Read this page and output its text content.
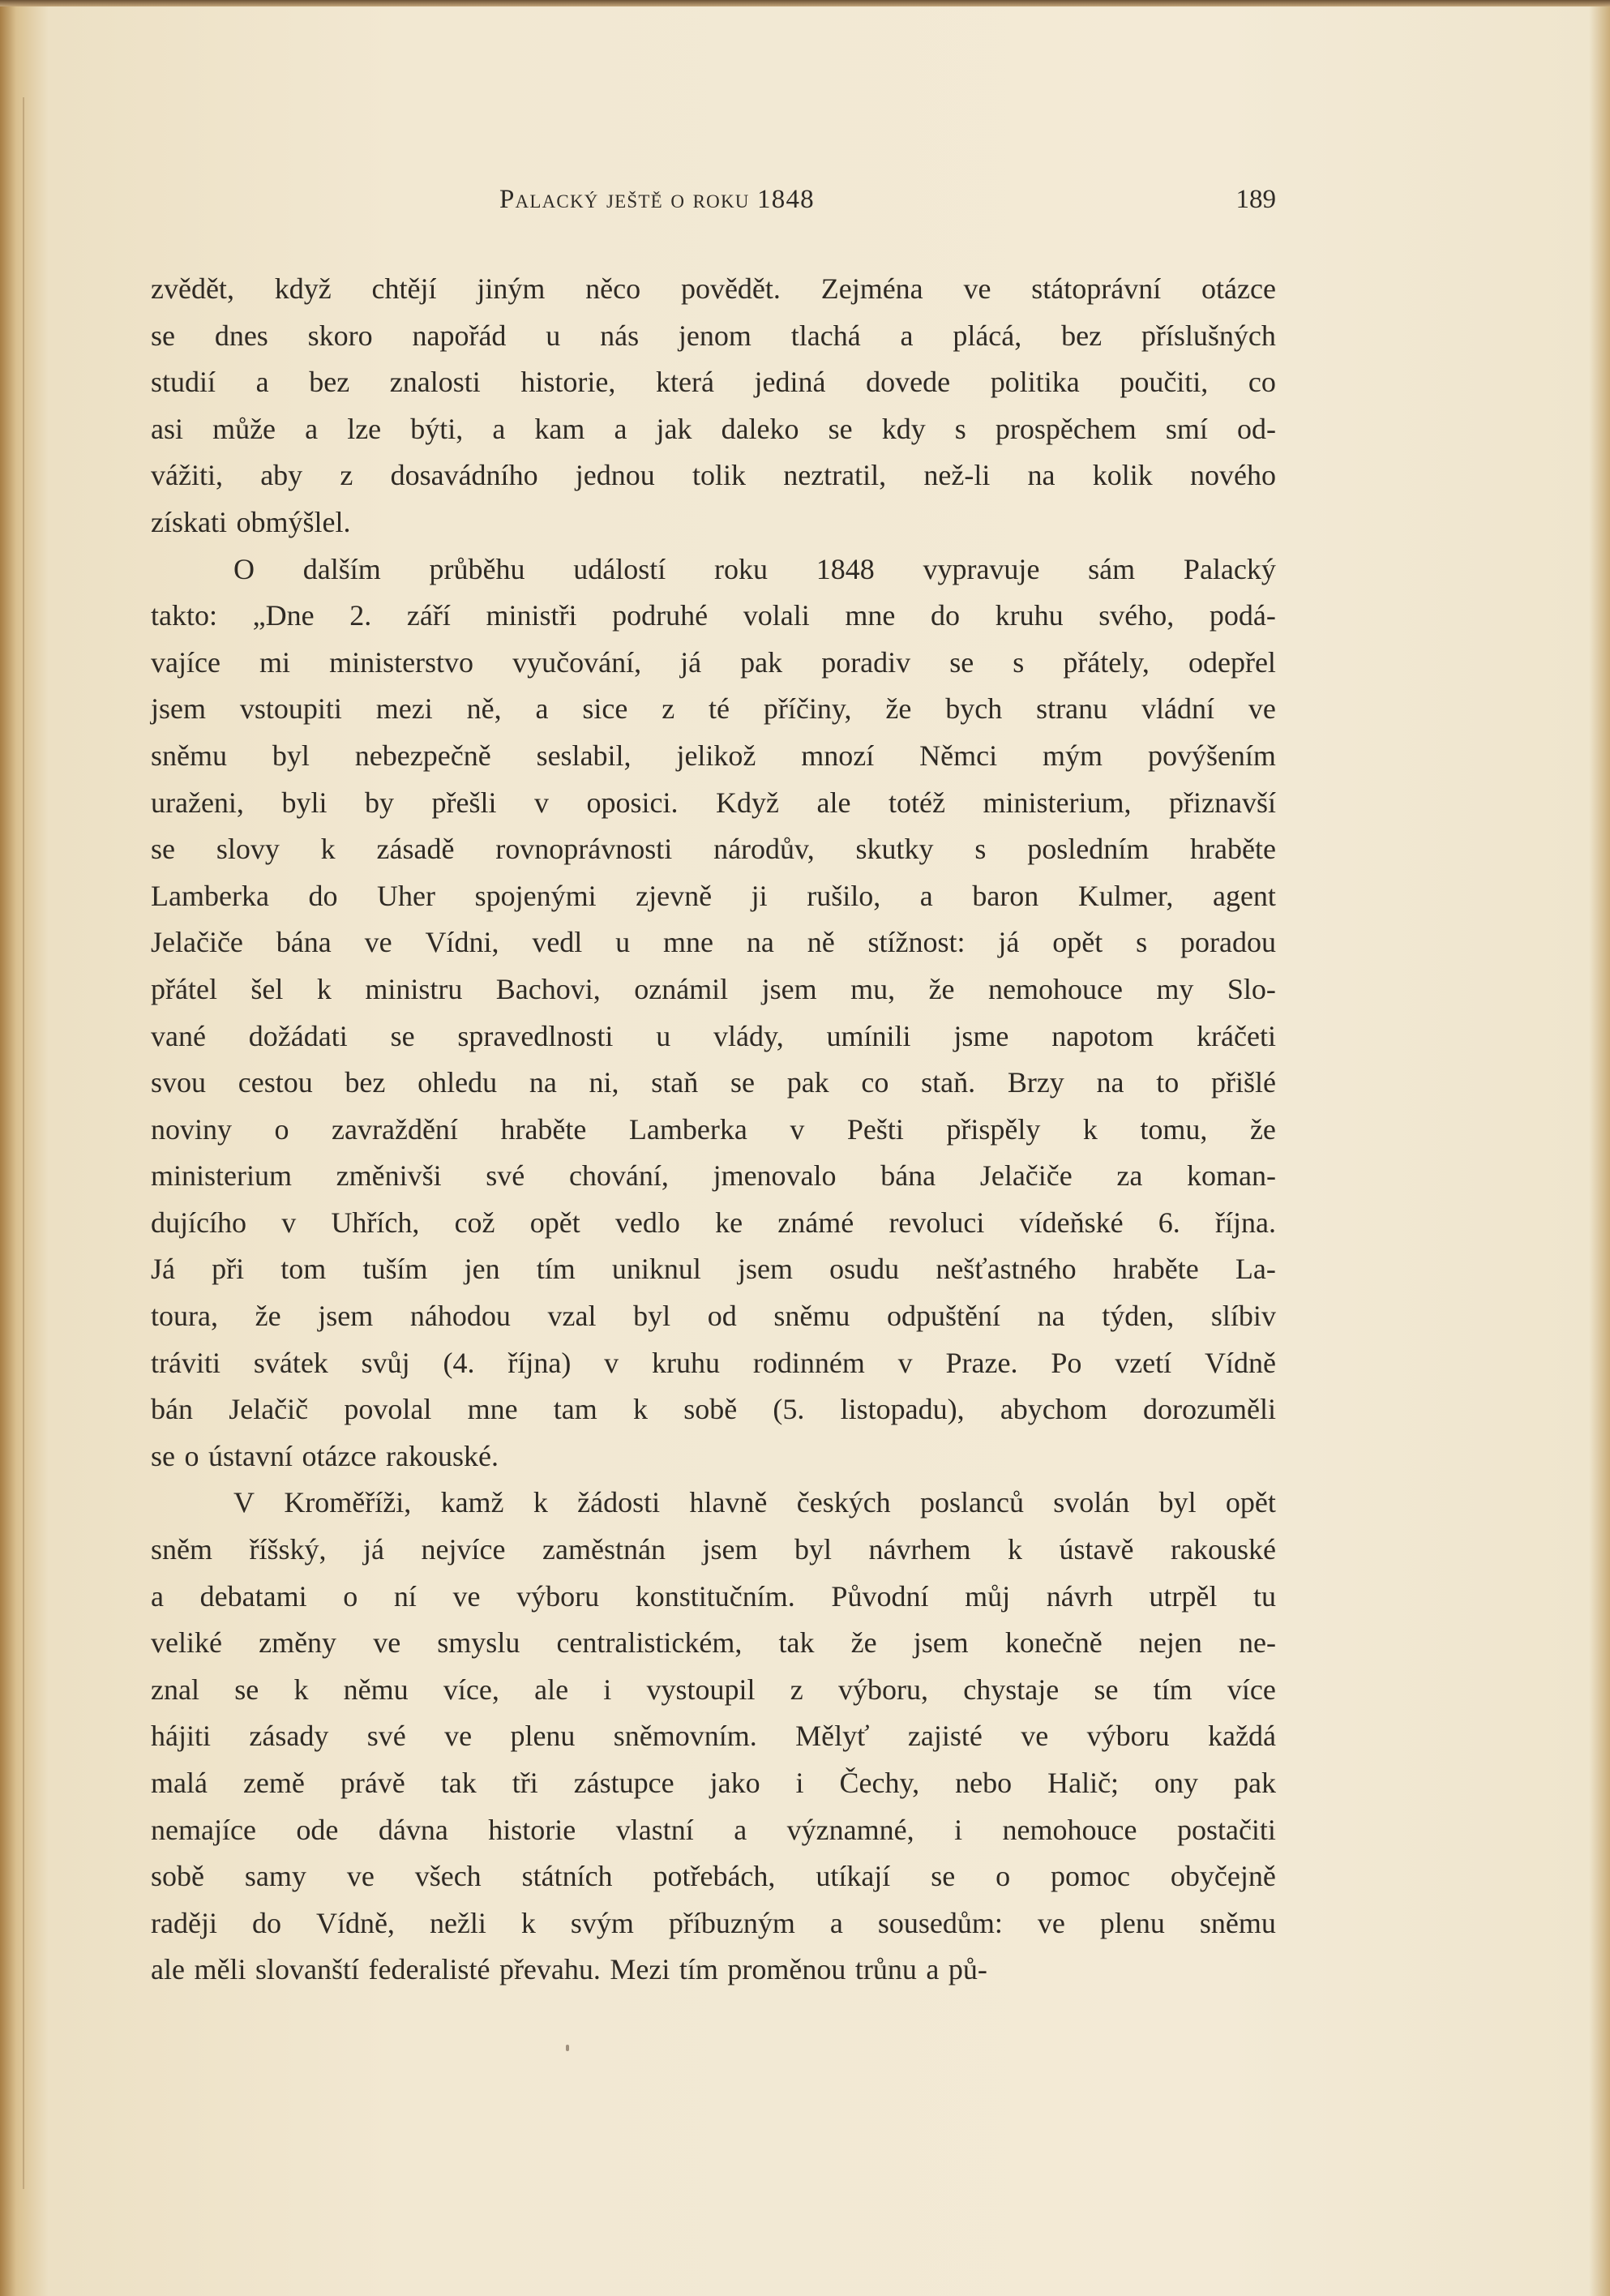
Palacký ještě o roku 1848	189
zvědět, když chtějí jiným něco povědět. Zejména ve státoprávní otázce
se dnes skoro napořád u nás jenom tlachá a plácá, bez příslušných
studií a bez znalosti historie, která jediná dovede politika poučiti, co
asi může a lze býti, a kam a jak daleko se kdy s prospěchem smí od-
vážiti, aby z dosavádního jednou tolik neztratil, než-li na kolik nového
získati obmýšlel.
O dalším průběhu událostí roku 1848 vypravuje sám Palacký
takto: „Dne 2. září ministři podruhé volali mne do kruhu svého, podá-
vajíce mi ministerstvo vyučování, já pak poradiv se s přátely, odepřel
jsem vstoupiti mezi ně, a sice z té příčiny, že bych stranu vládní ve
sněmu byl nebezpečně seslabil, jelikož mnozí Němci mým povýšením
uraženi, byli by přešli v oposici. Když ale totéž ministerium, přiznavší
se slovy k zásadě rovnoprávnosti národův, skutky s posledním hraběte
Lamberka do Uher spojenými zjevně ji rušilo, a baron Kulmer, agent
Jelačiče bána ve Vídni, vedl u mne na ně stížnost: já opět s poradou
přátel šel k ministru Bachovi, oznámil jsem mu, že nemohouce my Slo-
vané dožádati se spravedlnosti u vlády, umínili jsme napotom kráčeti
svou cestou bez ohledu na ni, staň se pak co staň. Brzy na to přišlé
noviny o zavraždění hraběte Lamberka v Pešti přispěly k tomu, že
ministerium změnivši své chování, jmenovalo bána Jelačiče za koman-
dujícího v Uhřích, což opět vedlo ke známé revoluci vídeňské 6. října.
Já při tom tuším jen tím uniknul jsem osudu nešťastného hraběte La-
toura, že jsem náhodou vzal byl od sněmu odpuštění na týden, slíbiv
tráviti svátek svůj (4. října) v kruhu rodinném v Praze. Po vzetí Vídně
bán Jelačič povolal mne tam k sobě (5. listopadu), abychom dorozuměli
se o ústavní otázce rakouské.
V Kroměříži, kamž k žádosti hlavně českých poslanců svolán byl opět
sněm říšský, já nejvíce zaměstnán jsem byl návrhem k ústavě rakouské
a debatami o ní ve výboru konstitučním. Původní můj návrh utrpěl tu
veliké změny ve smyslu centralistickém, tak že jsem konečně nejen ne-
znal se k němu více, ale i vystoupil z výboru, chystaje se tím více
hájiti zásady své ve plenu sněmovním. Mělyť zajisté ve výboru každá
malá země právě tak tři zástupce jako i Čechy, nebo Halič; ony pak
nemajíce ode dávna historie vlastní a významné, i nemohouce postačiti
sobě samy ve všech státních potřebách, utíkají se o pomoc obyčejně
raději do Vídně, nežli k svým příbuzným a sousedům: ve plenu sněmu
ale měli slovanští federalisté převahu. Mezi tím proměnou trůnu a pů-
